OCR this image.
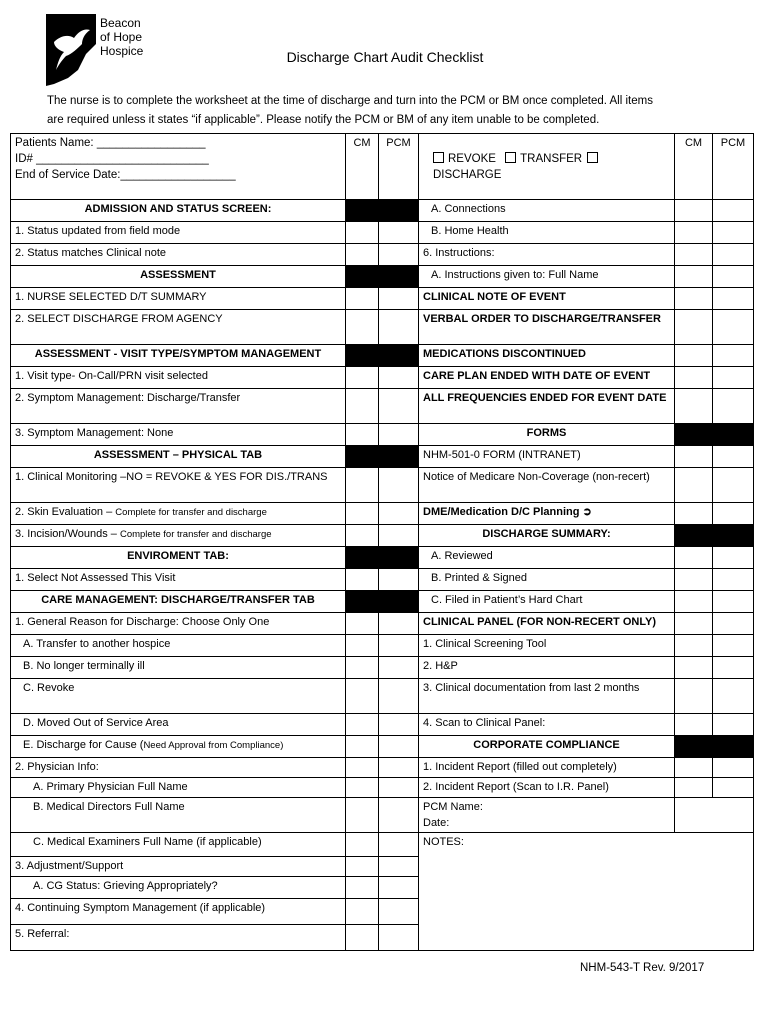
Beacon
of Hope
Hospice	Discharge Chart Audit Checklist
The nurse is to complete the worksheet at the time of discharge and turn into the PCM or BM once completed. All items
are required unless it states “if applicable”. Please notify the PCM or BM of any item unable to be completed.
Patients Name: _________________
ID# ___________________________
End of Service Date:__________________	CM	PCM	REVOKE TRANSFER DISCHARGE	CM	PCM
ADMISSION AND STATUS SCREEN:			A. Connections		
1. Status updated from field mode			B. Home Health		
2. Status matches Clinical note			6. Instructions:		
ASSESSMENT			A. Instructions given to: Full Name		
1. NURSE SELECTED D/T SUMMARY			CLINICAL NOTE OF EVENT		
2. SELECT DISCHARGE FROM AGENCY			VERBAL ORDER TO DISCHARGE/TRANSFER		
ASSESSMENT - VISIT TYPE/SYMPTOM MANAGEMENT			MEDICATIONS DISCONTINUED		
1. Visit type- On-Call/PRN visit selected			CARE PLAN ENDED WITH DATE OF EVENT		
2. Symptom Management: Discharge/Transfer			ALL FREQUENCIES ENDED FOR EVENT DATE		
3. Symptom Management: None			FORMS		
ASSESSMENT – PHYSICAL TAB			NHM-501-0 FORM (INTRANET)		
1. Clinical Monitoring –NO = REVOKE & YES FOR DIS./TRANS			Notice of Medicare Non-Coverage (non-recert)		
2. Skin Evaluation – Complete for transfer and discharge			DME/Medication D/C Planning ➲		
3. Incision/Wounds – Complete for transfer and discharge			DISCHARGE SUMMARY:		
ENVIROMENT TAB:			A. Reviewed		
1. Select Not Assessed This Visit			B. Printed & Signed		
CARE MANAGEMENT: DISCHARGE/TRANSFER TAB			C. Filed in Patient’s Hard Chart		
1. General Reason for Discharge: Choose Only One			CLINICAL PANEL (FOR NON-RECERT ONLY)		
A. Transfer to another hospice			1. Clinical Screening Tool		
B. No longer terminally ill			2. H&P		
C. Revoke			3. Clinical documentation from last 2 months		
D. Moved Out of Service Area			4. Scan to Clinical Panel:		
E. Discharge for Cause (Need Approval from Compliance)			CORPORATE COMPLIANCE		
2. Physician Info:			1. Incident Report (filled out completely)		
A. Primary Physician Full Name			2. Incident Report (Scan to I.R. Panel)		
B. Medical Directors Full Name			PCM Name:
Date:		

C. Medical Examiners Full Name (if applicable)			NOTES:		
3. Adjustment/Support					
A. CG Status: Grieving Appropriately?					
4. Continuing Symptom Management (if applicable)					
5. Referral:					
NHM-543-T Rev. 9/2017
